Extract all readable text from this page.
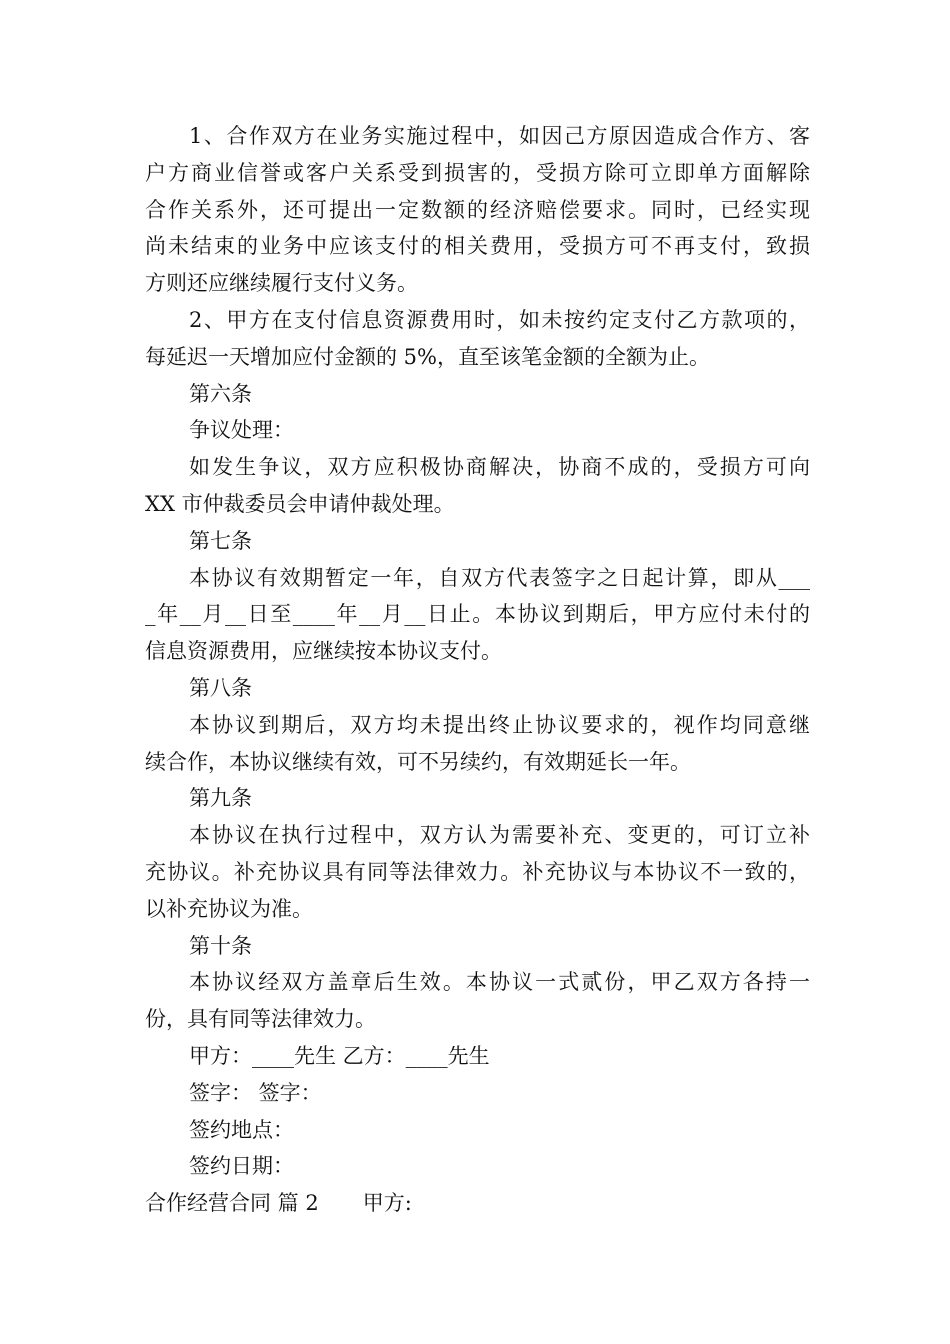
1、合作双方在业务实施过程中，如因己方原因造成合作方、客
户方商业信誉或客户关系受到损害的，受损方除可立即单方面解除
合作关系外，还可提出一定数额的经济赔偿要求。同时，已经实现
尚未结束的业务中应该支付的相关费用，受损方可不再支付，致损
方则还应继续履行支付义务。
2、甲方在支付信息资源费用时，如未按约定支付乙方款项的，
每延迟一天增加应付金额的 5%，直至该笔金额的全额为止。
第六条
争议处理：
如发生争议，双方应积极协商解决，协商不成的，受损方可向
XX 市仲裁委员会申请仲裁处理。
第七条
本协议有效期暂定一年，自双方代表签字之日起计算，即从___
_年__月__日至____年__月__日止。本协议到期后，甲方应付未付的
信息资源费用，应继续按本协议支付。
第八条
本协议到期后，双方均未提出终止协议要求的，视作均同意继
续合作，本协议继续有效，可不另续约，有效期延长一年。
第九条
本协议在执行过程中，双方认为需要补充、变更的，可订立补
充协议。补充协议具有同等法律效力。补充协议与本协议不一致的，
以补充协议为准。
第十条
本协议经双方盖章后生效。本协议一式贰份，甲乙双方各持一
份，具有同等法律效力。
甲方：____先生 乙方：____先生
签字： 签字：
签约地点：
签约日期：
合作经营合同 篇 2 甲方:
